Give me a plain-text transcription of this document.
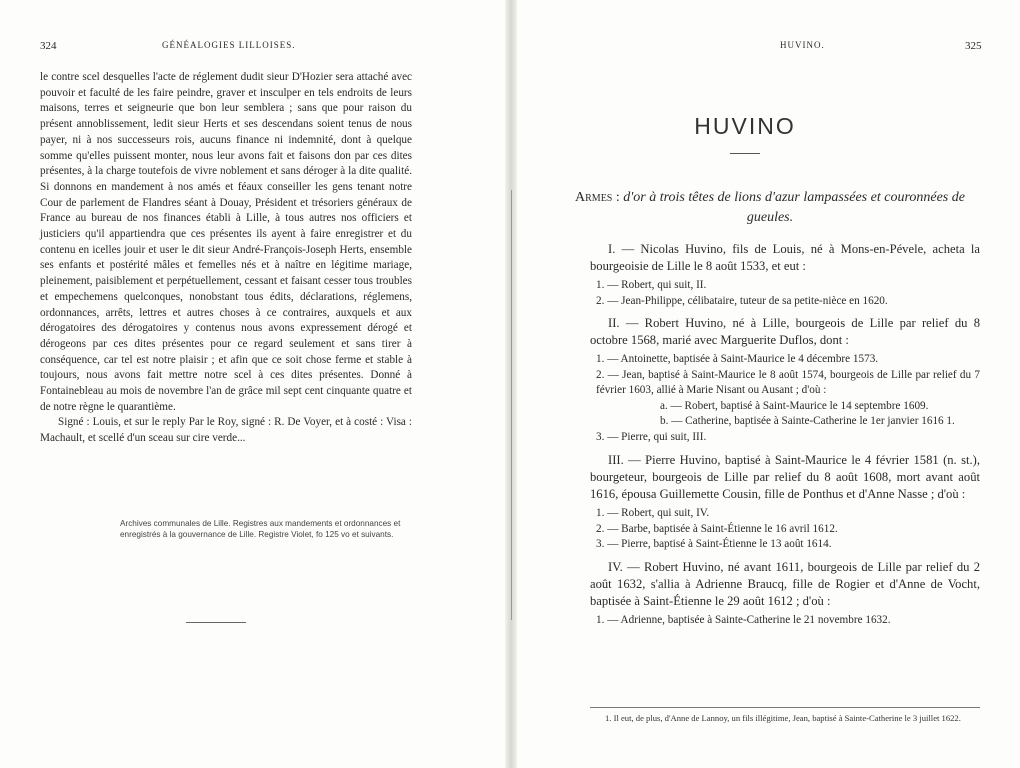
324	GÉNÉALOGIES LILLOISES.

le contre scel desquelles l'acte de réglement dudit sieur D'Hozier sera attaché avec pouvoir et faculté de les faire peindre, graver et insculper en tels endroits de leurs maisons, terres et seigneurie que bon leur semblera ; sans que pour raison du présent annoblissement, ledit sieur Herts et ses descendans soient tenus de nous payer, ni à nos successeurs rois, aucuns finance ni indemnité, dont à quelque somme qu'elles puissent monter, nous leur avons fait et faisons don par ces dites présentes, à la charge toutefois de vivre noblement et sans déroger à la dite qualité. Si donnons en mandement à nos amés et féaux conseiller les gens tenant notre Cour de parlement de Flandres séant à Douay, Président et trésoriers généraux de France au bureau de nos finances établi à Lille, à tous autres nos officiers et justiciers qu'il appartiendra que ces présentes ils ayent à faire enregistrer et du contenu en icelles jouir et user le dit sieur André-François-Joseph Herts, ensemble ses enfants et postérité mâles et femelles nés et à naître en légitime mariage, pleinement, paisiblement et perpétuellement, cessant et faisant cesser tous troubles et empechemens quelconques, nonobstant tous édits, déclarations, réglemens, ordonnances, arrêts, lettres et autres choses à ce contraires, auxquels et aux dérogatoires des dérogatoires y contenus nous avons expressement dérogé et dérogeons par ces dites présentes pour ce regard seulement et sans tirer à conséquence, car tel est notre plaisir ; et afin que ce soit chose ferme et stable à toujours, nous avons fait mettre notre scel à ces dites présentes. Donné à Fontainebleau au mois de novembre l'an de grâce mil sept cent cinquante quatre et de notre règne le quarantième.

Signé : Louis, et sur le reply Par le Roy, signé : R. De Voyer, et à costé : Visa : Machault, et scellé d'un sceau sur cire verde...

Archives communales de Lille. Registres aux mandements et ordonnances et enregistrés à la gouvernance de Lille. Registre Violet, fo 125 vo et suivants.
HUVINO.	325
HUVINO
Armes : d'or à trois têtes de lions d'azur lampassées et couronnées de gueules.

I. — Nicolas Huvino, fils de Louis, né à Mons-en-Pévele, acheta la bourgeoisie de Lille le 8 août 1533, et eut :

1. — Robert, qui suit, II.

2. — Jean-Philippe, célibataire, tuteur de sa petite-nièce en 1620.

II. — Robert Huvino, né à Lille, bourgeois de Lille par relief du 8 octobre 1568, marié avec Marguerite Duflos, dont :

1. — Antoinette, baptisée à Saint-Maurice le 4 décembre 1573.

2. — Jean, baptisé à Saint-Maurice le 8 août 1574, bourgeois de Lille par relief du 7 février 1603, allié à Marie Nisant ou Ausant ; d'où :

a. — Robert, baptisé à Saint-Maurice le 14 septembre 1609.

b. — Catherine, baptisée à Sainte-Catherine le 1er janvier 1616 1.

3. — Pierre, qui suit, III.

III. — Pierre Huvino, baptisé à Saint-Maurice le 4 février 1581 (n. st.), bourgeteur, bourgeois de Lille par relief du 8 août 1608, mort avant août 1616, épousa Guillemette Cousin, fille de Ponthus et d'Anne Nasse ; d'où :

1. — Robert, qui suit, IV.

2. — Barbe, baptisée à Saint-Étienne le 16 avril 1612.

3. — Pierre, baptisé à Saint-Étienne le 13 août 1614.

IV. — Robert Huvino, né avant 1611, bourgeois de Lille par relief du 2 août 1632, s'allia à Adrienne Braucq, fille de Rogier et d'Anne de Vocht, baptisée à Saint-Étienne le 29 août 1612 ; d'où :

1. — Adrienne, baptisée à Sainte-Catherine le 21 novembre 1632.

1. Il eut, de plus, d'Anne de Lannoy, un fils illégitime, Jean, baptisé à Sainte-Catherine le 3 juillet 1622.
